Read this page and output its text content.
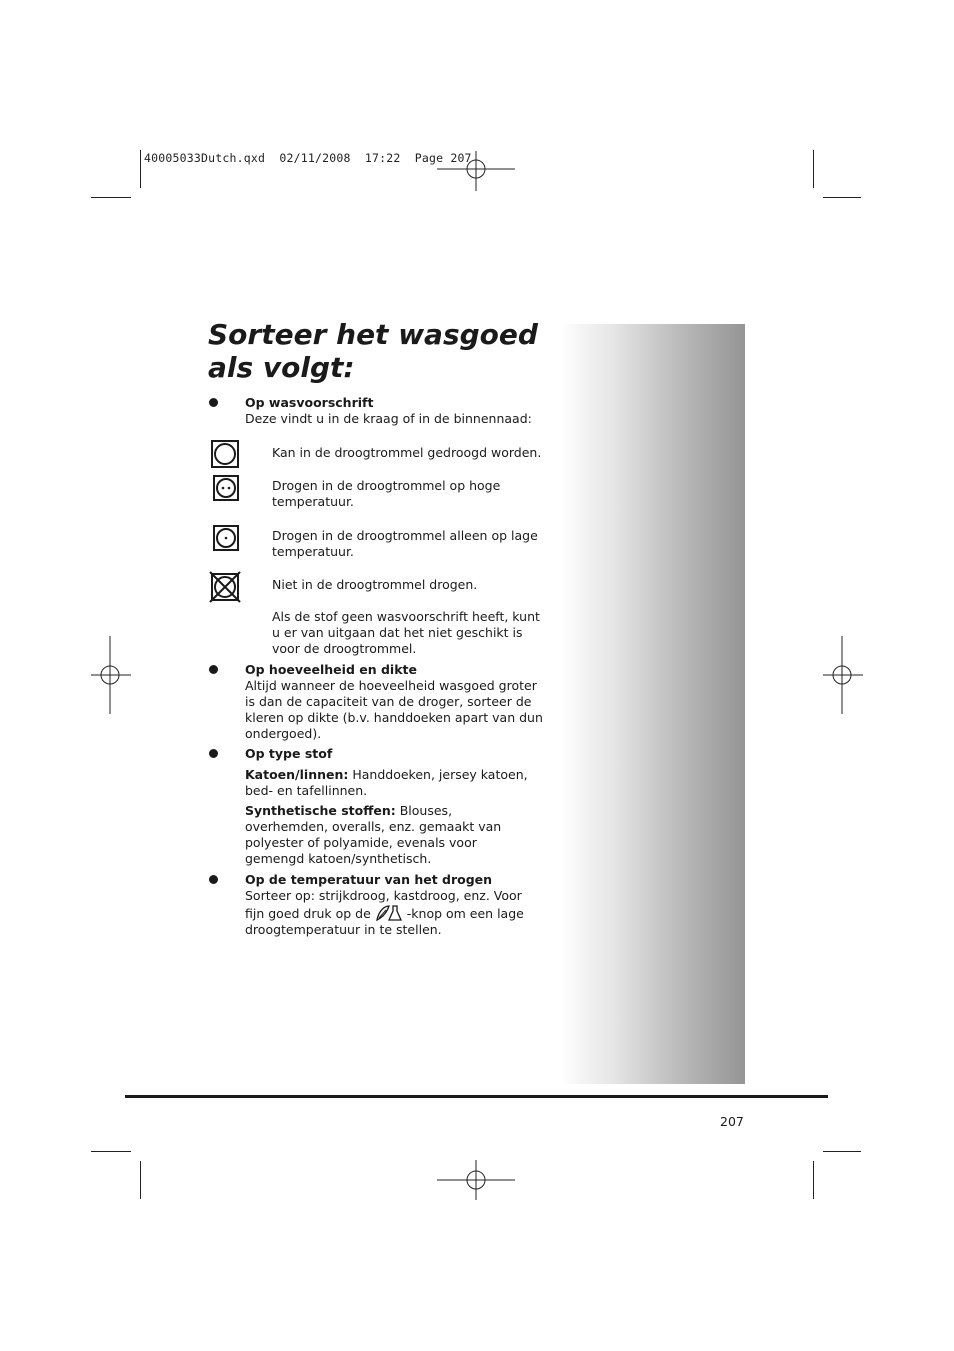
40005033Dutch.qxd  02/11/2008  17:22  Page 207
Sorteer het wasgoed als volgt:
Op wasvoorschrift
Deze vindt u in de kraag of in de binnennaad:
Kan in de droogtrommel gedroogd worden.
Drogen in de droogtrommel op hoge temperatuur.
Drogen in de droogtrommel alleen op lage temperatuur.
Niet in de droogtrommel drogen.
Als de stof geen wasvoorschrift heeft, kunt u er van uitgaan dat het niet geschikt is voor de droogtrommel.
Op hoeveelheid en dikte
Altijd wanneer de hoeveelheid wasgoed groter is dan de capaciteit van de droger, sorteer de kleren op dikte (b.v. handdoeken apart van dun ondergoed).
Op type stof
Katoen/linnen: Handdoeken, jersey katoen, bed- en tafellinnen.
Synthetische stoffen: Blouses, overhemden, overalls, enz. gemaakt van polyester of polyamide, evenals voor gemengd katoen/synthetisch.
Op de temperatuur van het drogen
Sorteer op: strijkdroog, kastdroog, enz. Voor fijn goed druk op de	-knop om een lage droogtemperatuur in te stellen.
207
